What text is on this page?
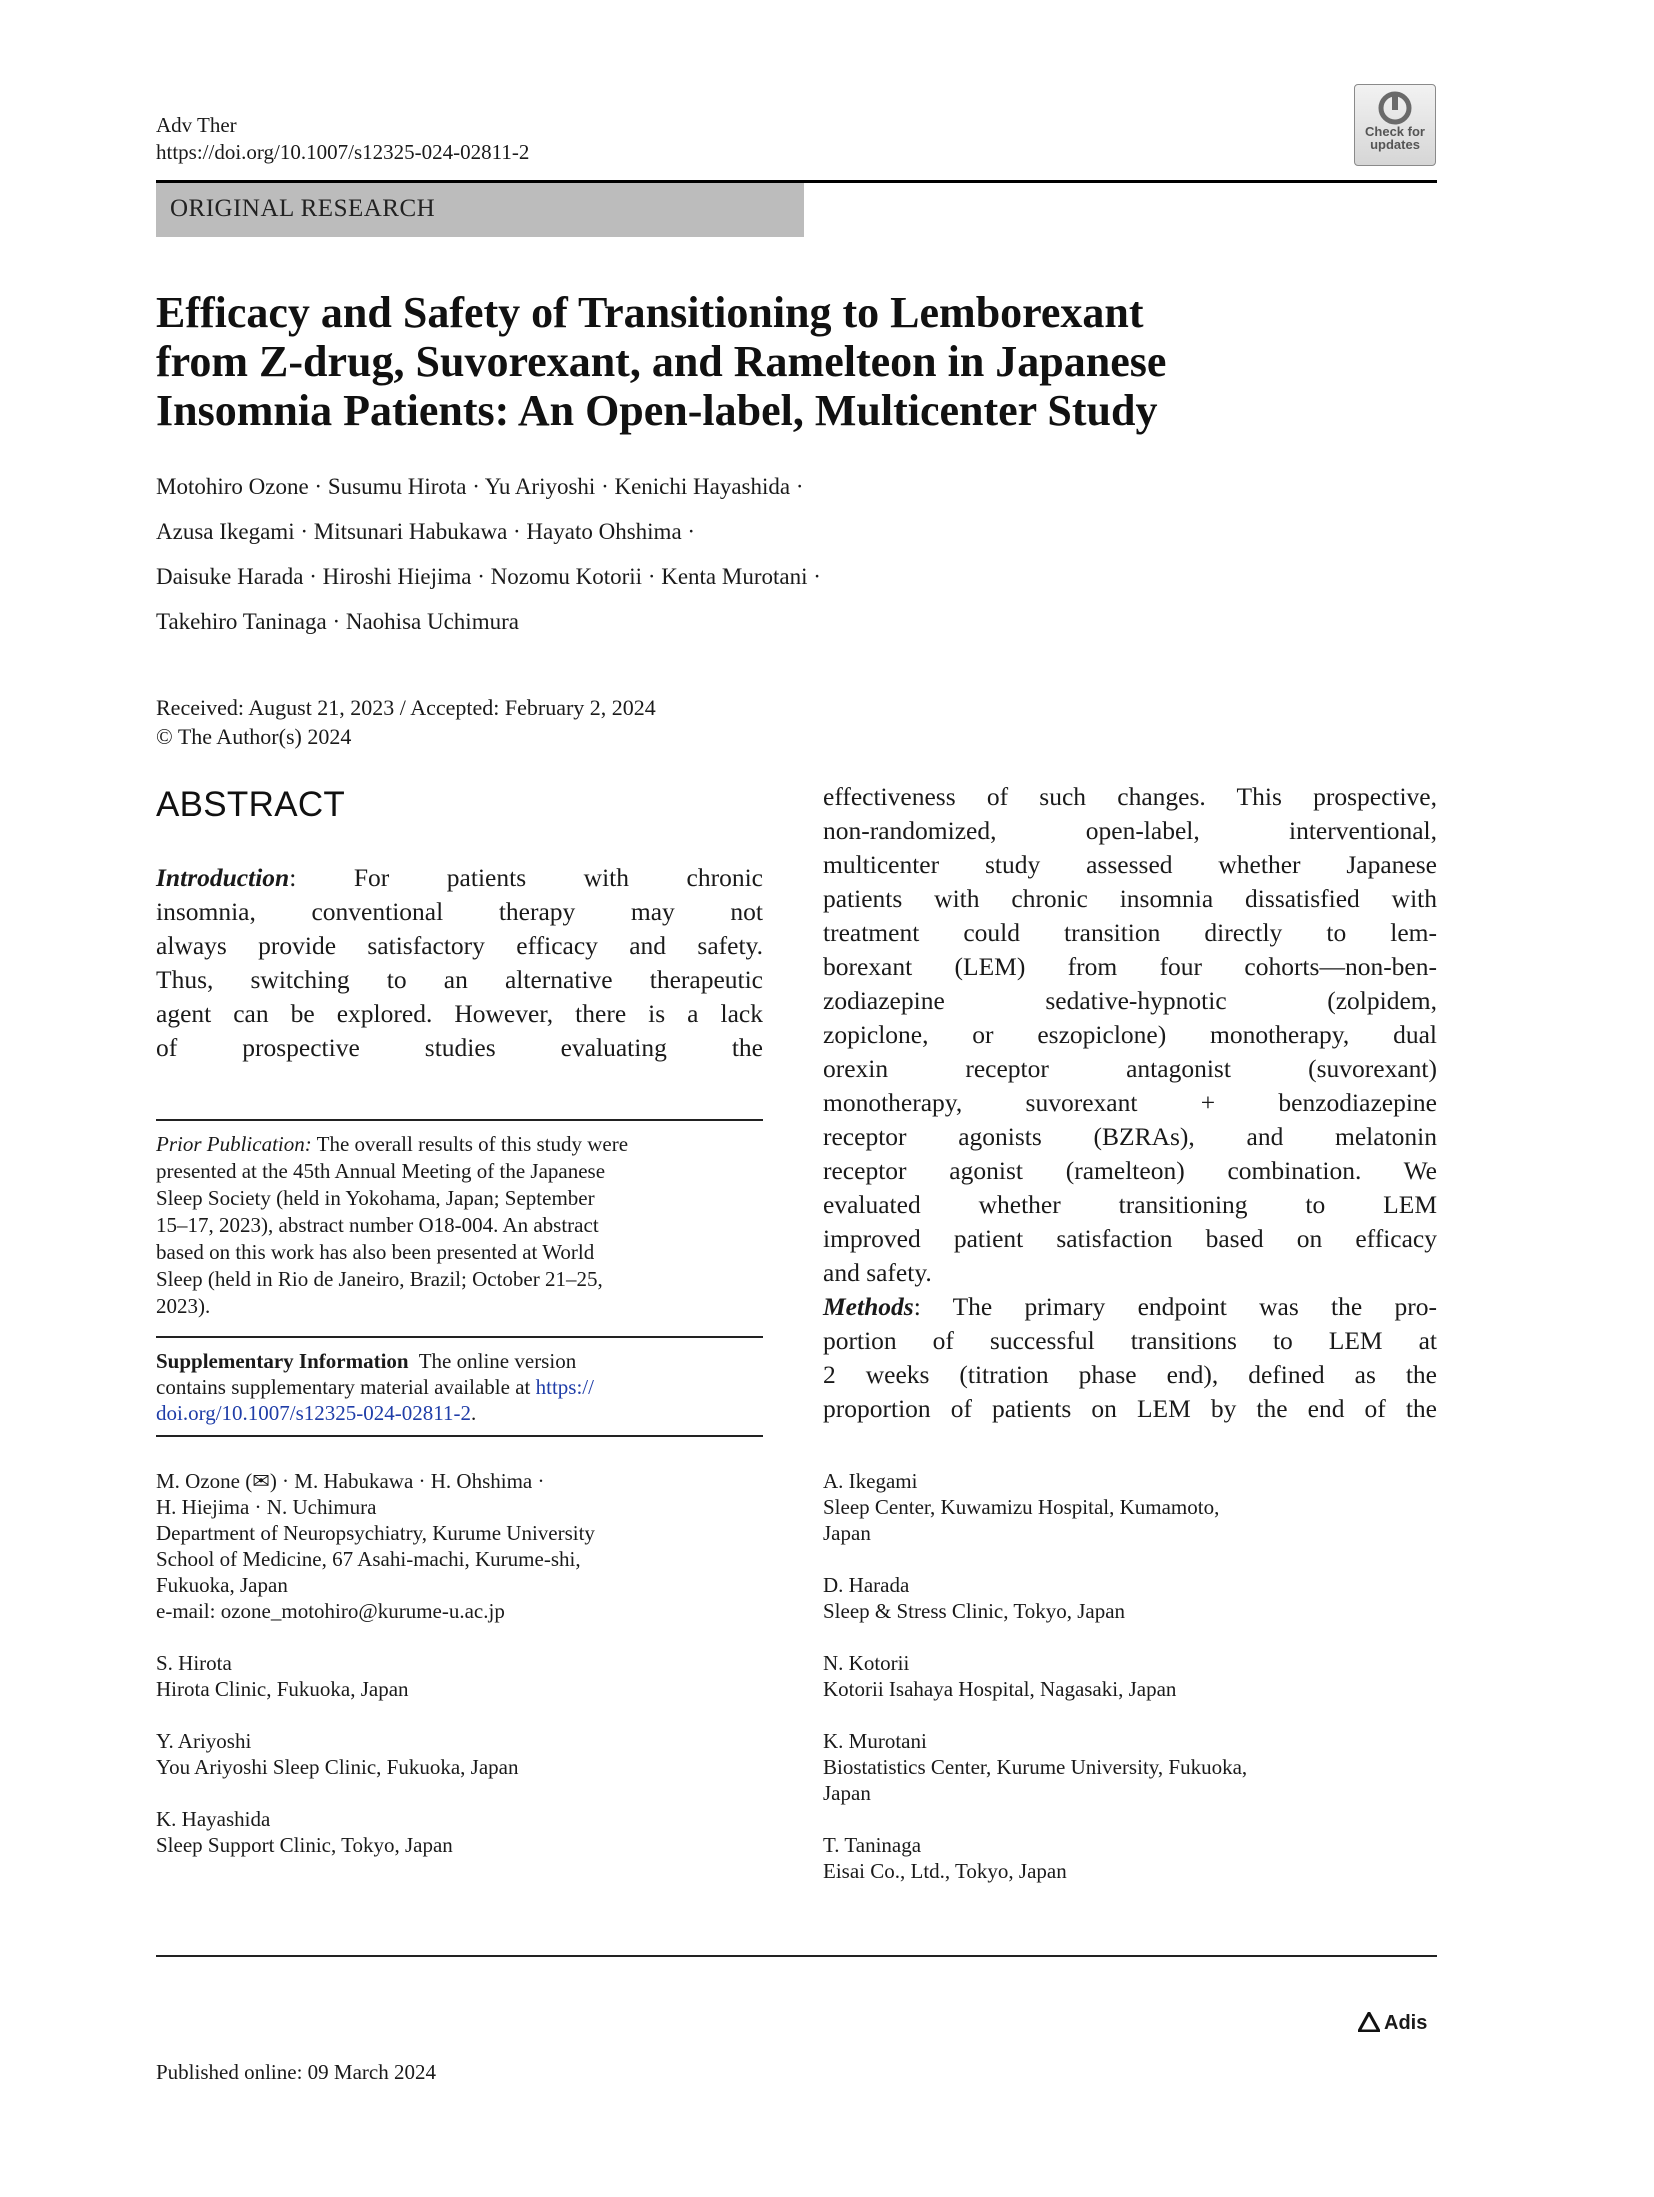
Adv Ther
https://doi.org/10.1007/s12325-024-02811-2
Check for
updates
ORIGINAL RESEARCH
Efficacy and Safety of Transitioning to Lemborexant
from Z-drug, Suvorexant, and Ramelteon in Japanese
Insomnia Patients: An Open-label, Multicenter Study
Motohiro Ozone · Susumu Hirota · Yu Ariyoshi · Kenichi Hayashida ·
Azusa Ikegami · Mitsunari Habukawa · Hayato Ohshima ·
Daisuke Harada · Hiroshi Hiejima · Nozomu Kotorii · Kenta Murotani ·
Takehiro Taninaga · Naohisa Uchimura
Received: August 21, 2023 / Accepted: February 2, 2024
© The Author(s) 2024
ABSTRACT
Introduction: For patients with chronic
insomnia, conventional therapy may not
always provide satisfactory efficacy and safety.
Thus, switching to an alternative therapeutic
agent can be explored. However, there is a lack
of prospective studies evaluating the
effectiveness of such changes. This prospective,
non-randomized, open-label, interventional,
multicenter study assessed whether Japanese
patients with chronic insomnia dissatisfied with
treatment could transition directly to lem-
borexant (LEM) from four cohorts—non-ben-
zodiazepine sedative-hypnotic (zolpidem,
zopiclone, or eszopiclone) monotherapy, dual
orexin receptor antagonist (suvorexant)
monotherapy, suvorexant + benzodiazepine
receptor agonists (BZRAs), and melatonin
receptor agonist (ramelteon) combination. We
evaluated whether transitioning to LEM
improved patient satisfaction based on efficacy
and safety.
Methods: The primary endpoint was the pro-
portion of successful transitions to LEM at
2 weeks (titration phase end), defined as the
proportion of patients on LEM by the end of the
Prior Publication: The overall results of this study were
presented at the 45th Annual Meeting of the Japanese
Sleep Society (held in Yokohama, Japan; September
15–17, 2023), abstract number O18-004. An abstract
based on this work has also been presented at World
Sleep (held in Rio de Janeiro, Brazil; October 21–25,
2023).
Supplementary Information  The online version
contains supplementary material available at https://
doi.org/10.1007/s12325-024-02811-2.
M. Ozone (✉) · M. Habukawa · H. Ohshima ·
H. Hiejima · N. Uchimura
Department of Neuropsychiatry, Kurume University
School of Medicine, 67 Asahi-machi, Kurume-shi,
Fukuoka, Japan
e-mail: ozone_motohiro@kurume-u.ac.jp
S. Hirota
Hirota Clinic, Fukuoka, Japan
Y. Ariyoshi
You Ariyoshi Sleep Clinic, Fukuoka, Japan
K. Hayashida
Sleep Support Clinic, Tokyo, Japan
A. Ikegami
Sleep Center, Kuwamizu Hospital, Kumamoto,
Japan
D. Harada
Sleep & Stress Clinic, Tokyo, Japan
N. Kotorii
Kotorii Isahaya Hospital, Nagasaki, Japan
K. Murotani
Biostatistics Center, Kurume University, Fukuoka,
Japan
T. Taninaga
Eisai Co., Ltd., Tokyo, Japan
Adis
Published online: 09 March 2024
